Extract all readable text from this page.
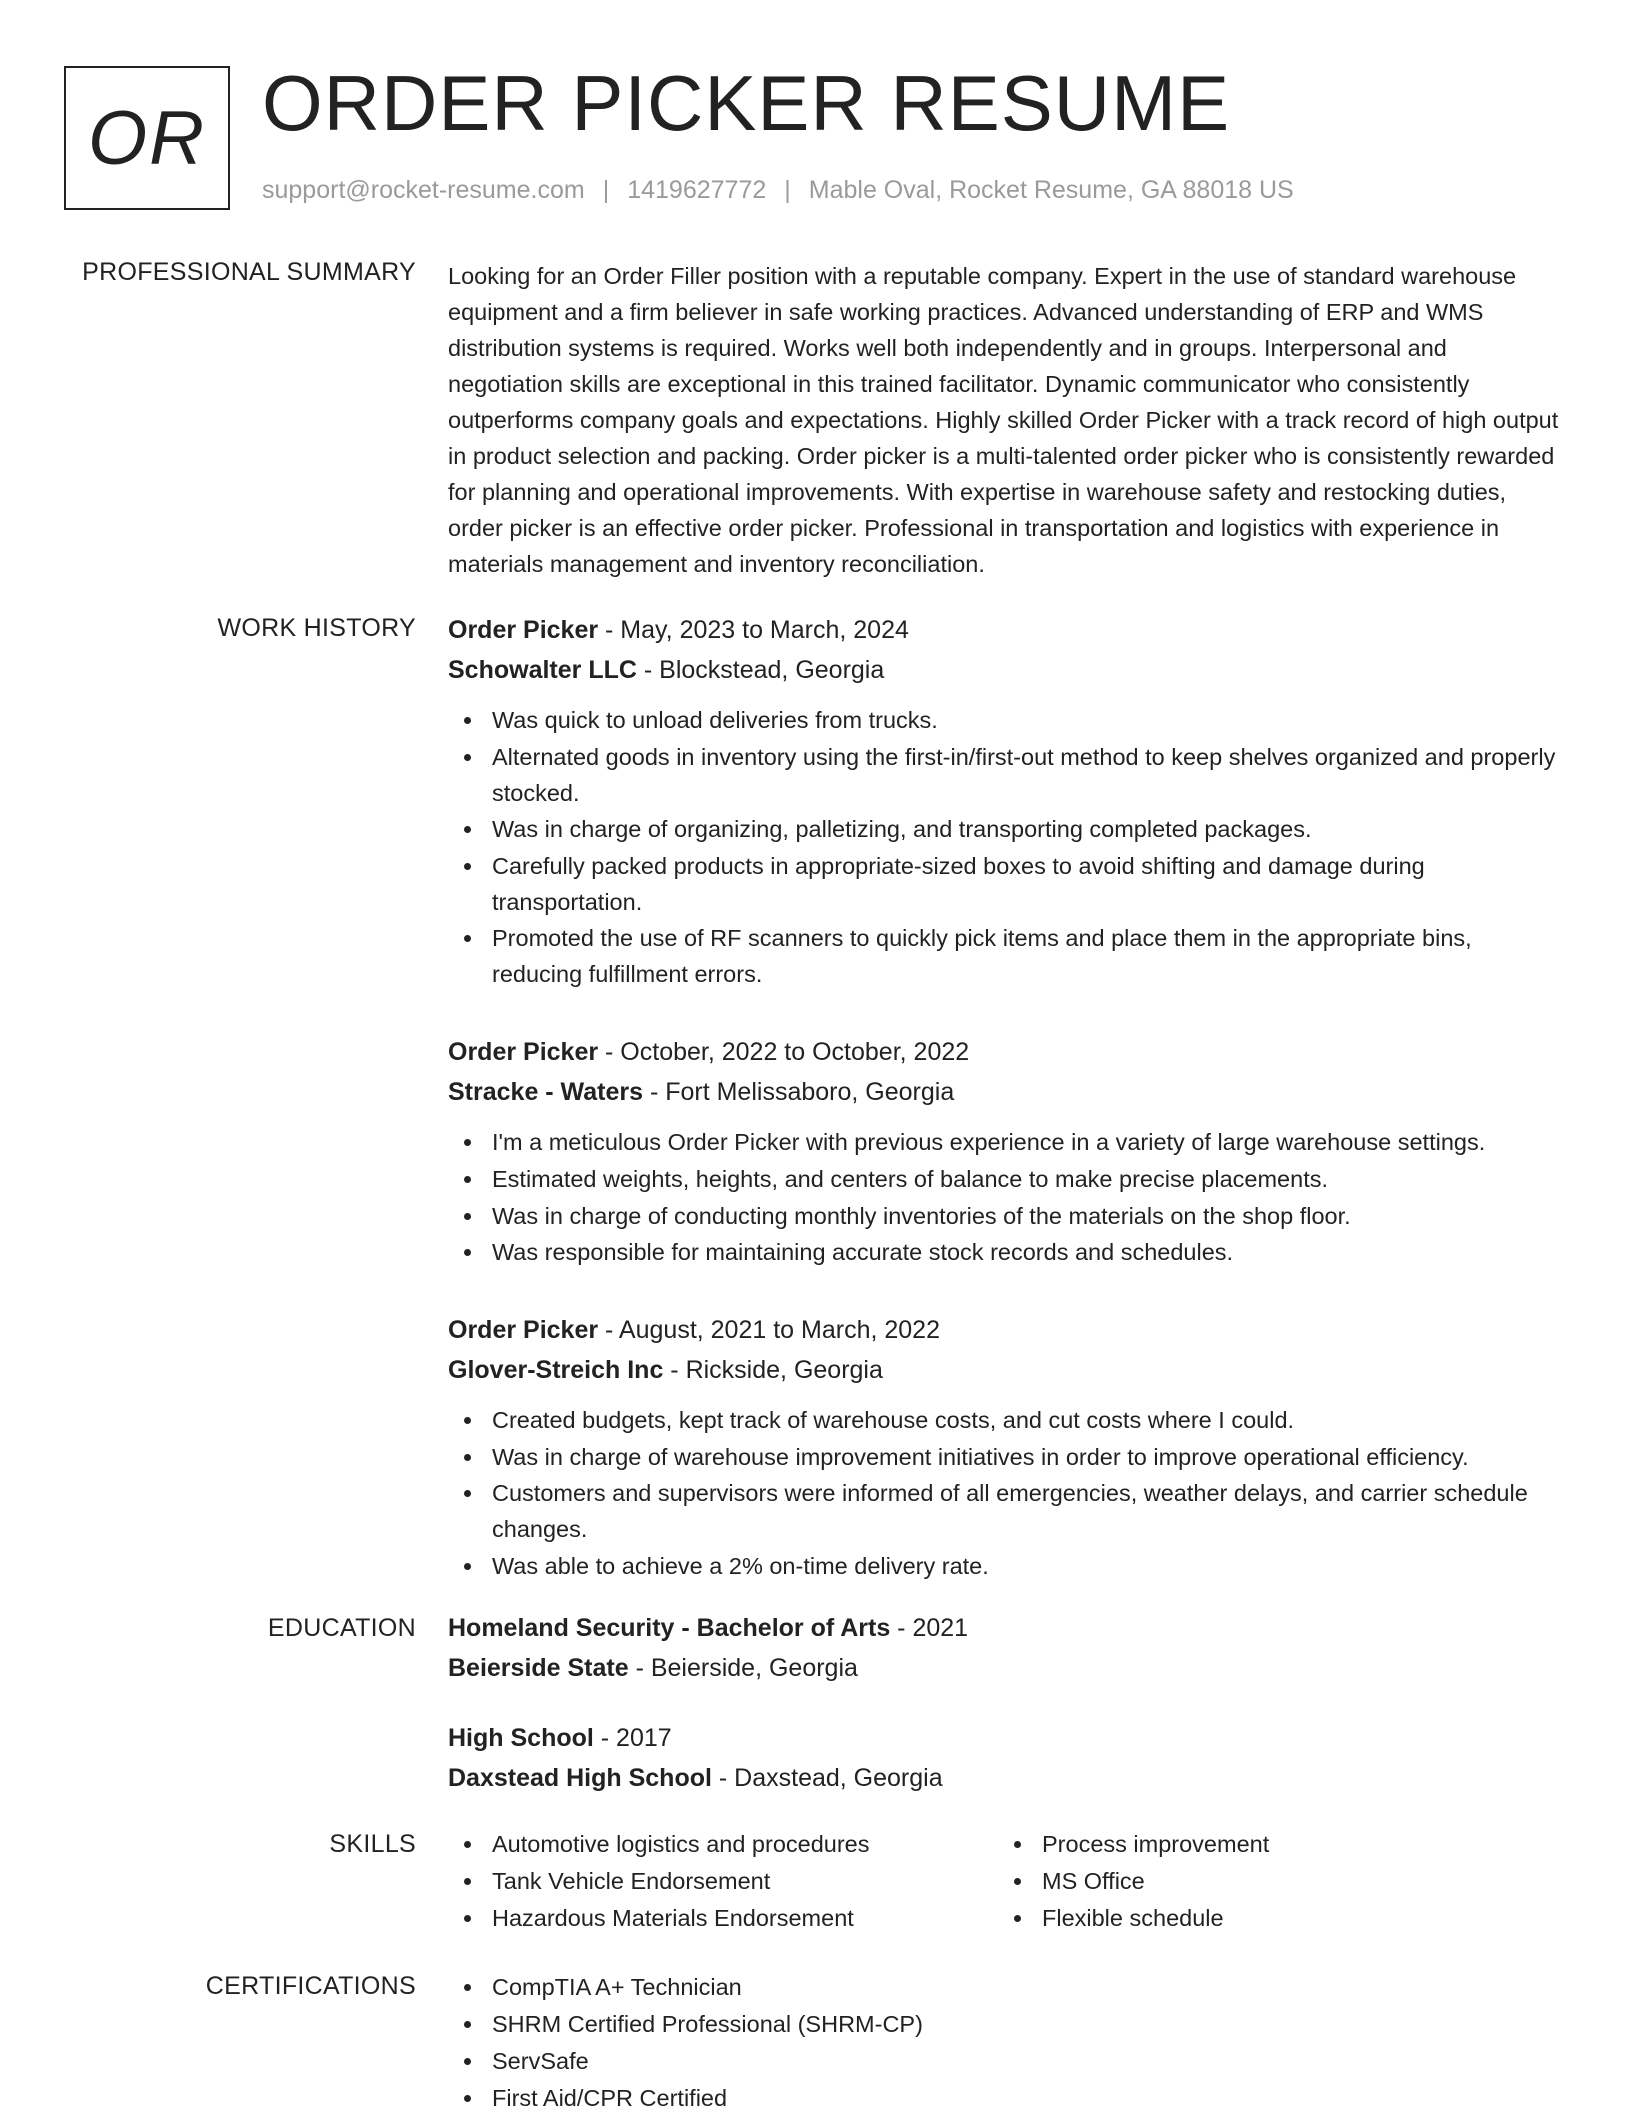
OR ORDER PICKER RESUME
support@rocket-resume.com | 1419627772 | Mable Oval, Rocket Resume, GA 88018 US
PROFESSIONAL SUMMARY Looking for an Order Filler position with a reputable company. Expert in the use of standard warehouse equipment and a firm believer in safe working practices. Advanced understanding of ERP and WMS distribution systems is required. Works well both independently and in groups. Interpersonal and negotiation skills are exceptional in this trained facilitator. Dynamic communicator who consistently outperforms company goals and expectations. Highly skilled Order Picker with a track record of high output in product selection and packing. Order picker is a multi-talented order picker who is consistently rewarded for planning and operational improvements. With expertise in warehouse safety and restocking duties, order picker is an effective order picker. Professional in transportation and logistics with experience in materials management and inventory reconciliation.
WORK HISTORY Order Picker - May, 2023 to March, 2024
Schowalter LLC - Blockstead, Georgia
Was quick to unload deliveries from trucks.
Alternated goods in inventory using the first-in/first-out method to keep shelves organized and properly stocked.
Was in charge of organizing, palletizing, and transporting completed packages.
Carefully packed products in appropriate-sized boxes to avoid shifting and damage during transportation.
Promoted the use of RF scanners to quickly pick items and place them in the appropriate bins, reducing fulfillment errors.
Order Picker - October, 2022 to October, 2022
Stracke - Waters - Fort Melissaboro, Georgia
I'm a meticulous Order Picker with previous experience in a variety of large warehouse settings.
Estimated weights, heights, and centers of balance to make precise placements.
Was in charge of conducting monthly inventories of the materials on the shop floor.
Was responsible for maintaining accurate stock records and schedules.
Order Picker - August, 2021 to March, 2022
Glover-Streich Inc - Rickside, Georgia
Created budgets, kept track of warehouse costs, and cut costs where I could.
Was in charge of warehouse improvement initiatives in order to improve operational efficiency.
Customers and supervisors were informed of all emergencies, weather delays, and carrier schedule changes.
Was able to achieve a 2% on-time delivery rate.
EDUCATION Homeland Security - Bachelor of Arts - 2021
Beierside State - Beierside, Georgia
High School - 2017
Daxstead High School - Daxstead, Georgia
SKILLS	Automotive logistics and procedures
Tank Vehicle Endorsement
Hazardous Materials Endorsement
Process improvement
MS Office
Flexible schedule
CERTIFICATIONS	CompTIA A+ Technician
SHRM Certified Professional (SHRM-CP)
ServSafe
First Aid/CPR Certified
